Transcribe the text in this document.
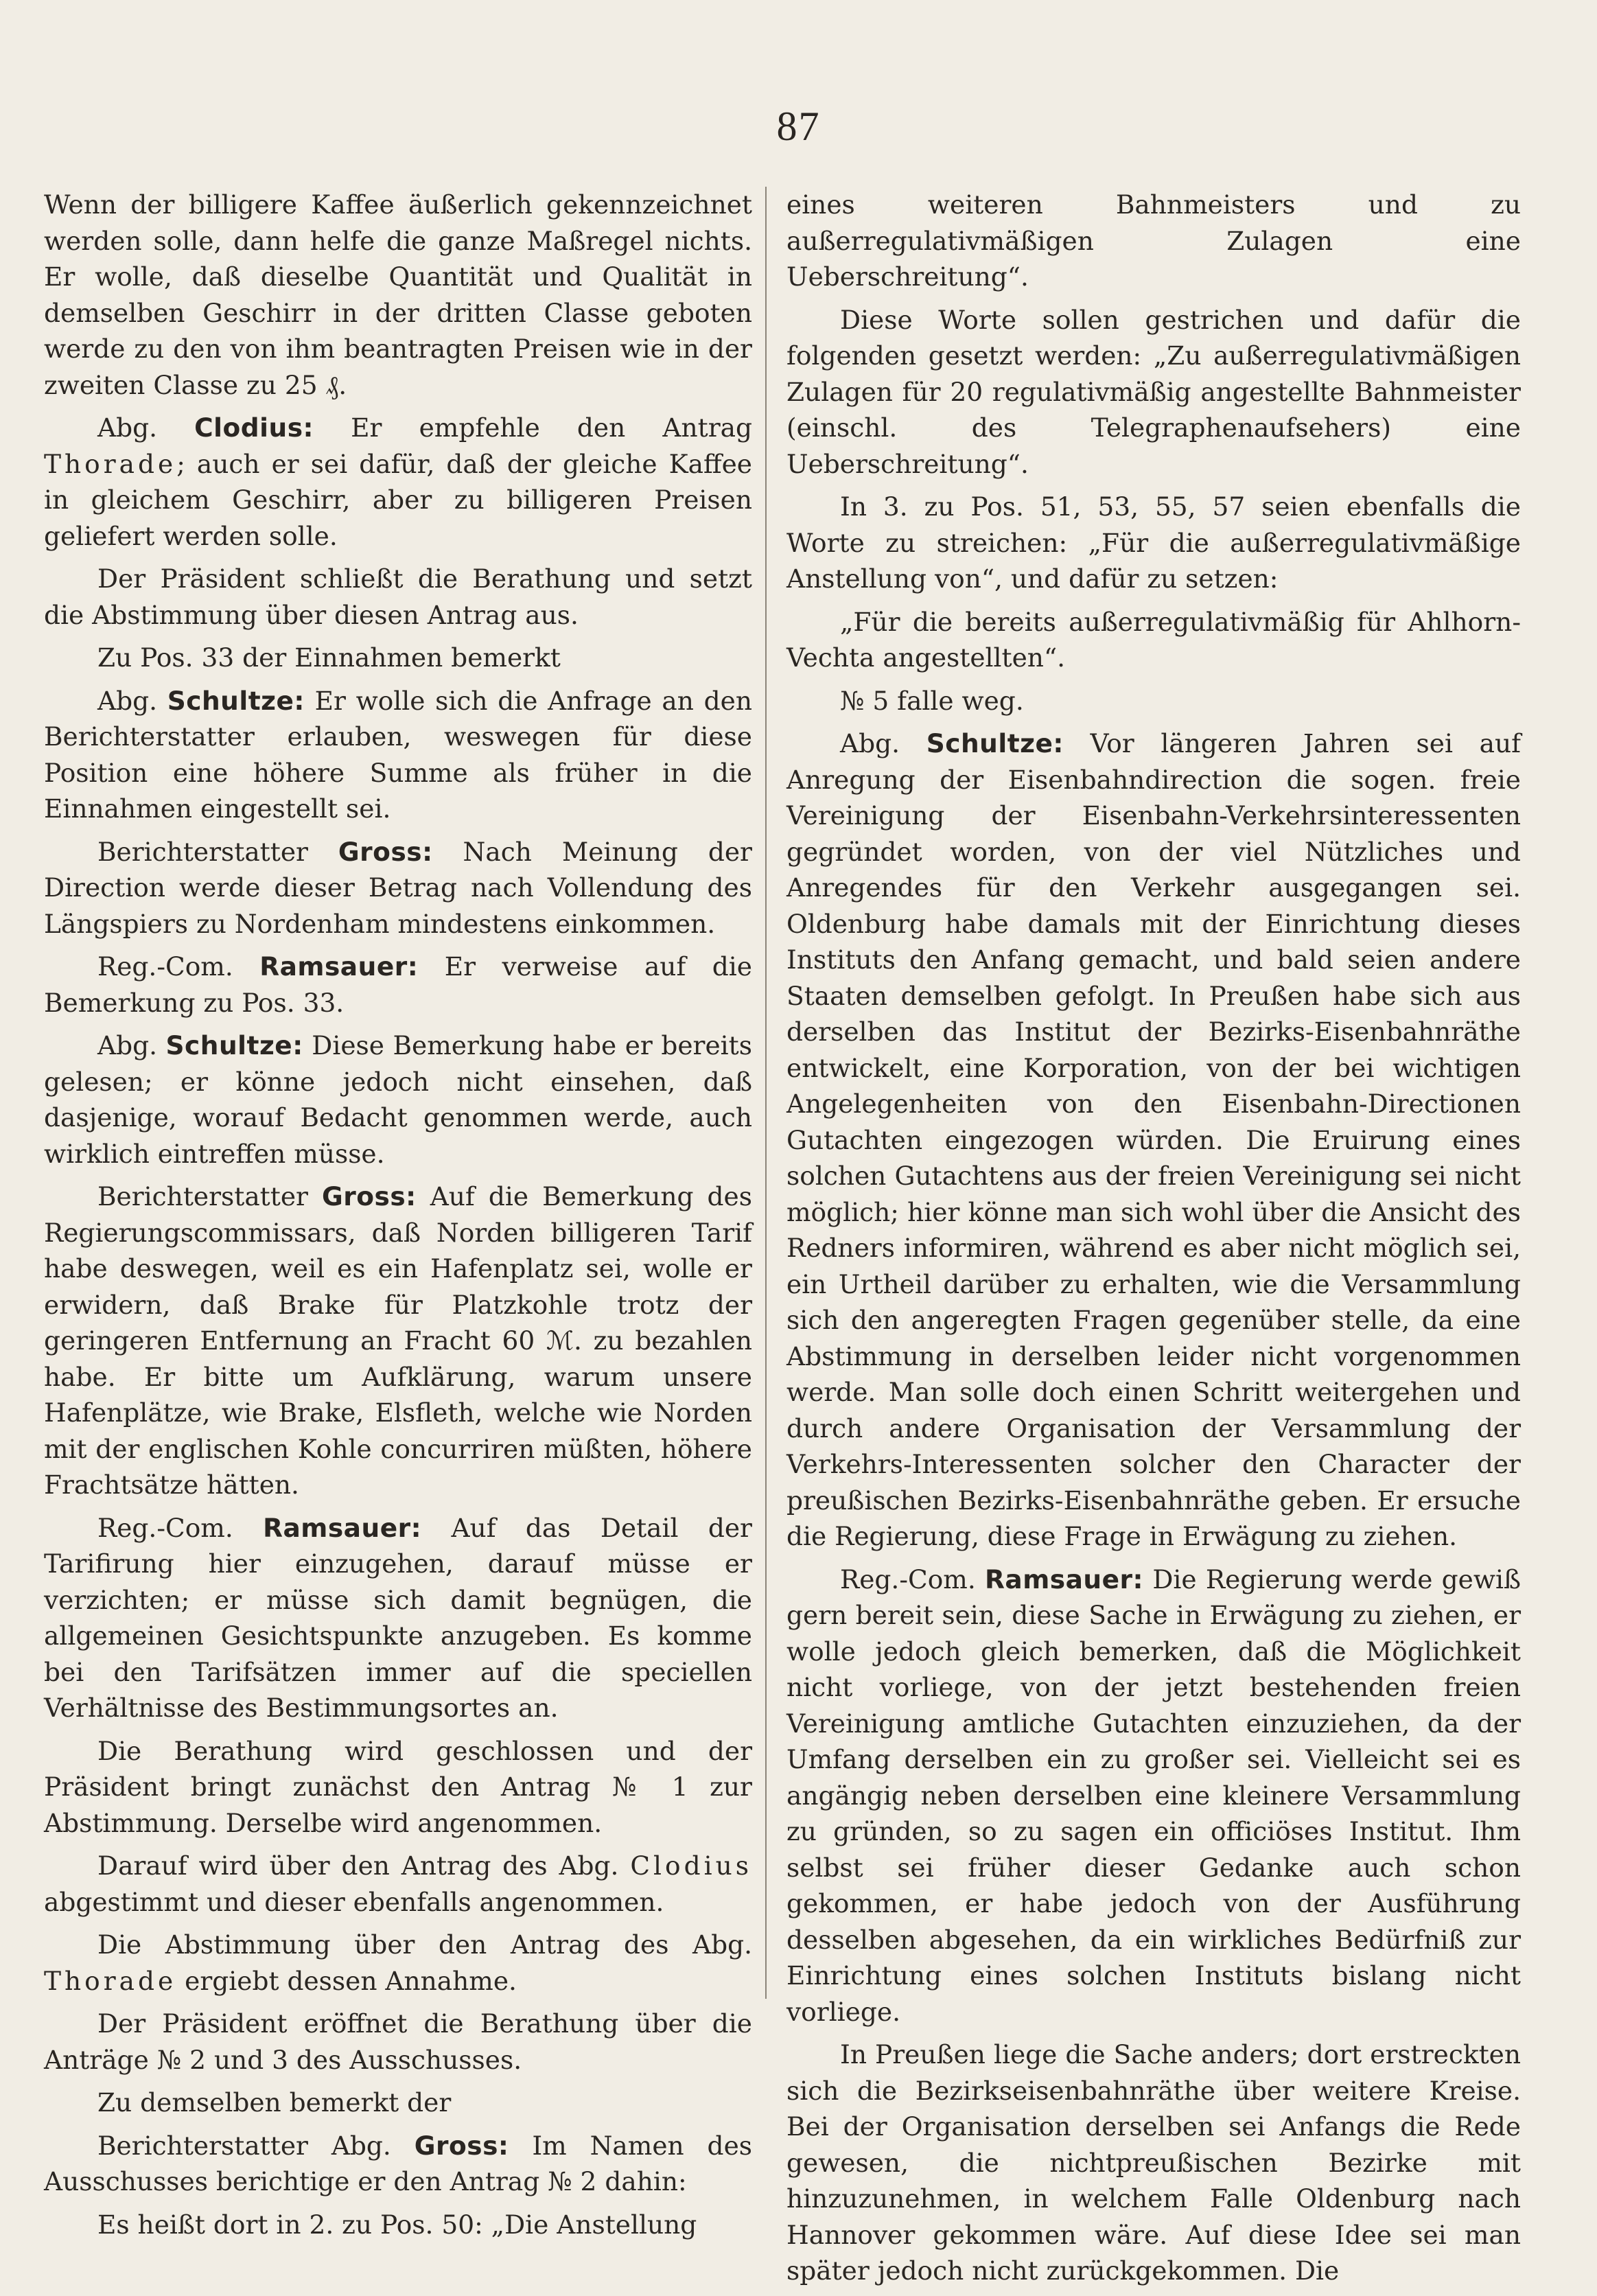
87

Wenn der billigere Kaffee äußerlich gekennzeichnet werden solle, dann helfe die ganze Maßregel nichts. Er wolle, daß dieselbe Quantität und Qualität in demselben Geschirr in der dritten Classe geboten werde zu den von ihm beantragten Preisen wie in der zweiten Classe zu 25 ₰.

Abg. Clodius: Er empfehle den Antrag Thorade; auch er sei dafür, daß der gleiche Kaffee in gleichem Geschirr, aber zu billigeren Preisen geliefert werden solle.

Der Präsident schließt die Berathung und setzt die Abstimmung über diesen Antrag aus.

Zu Pos. 33 der Einnahmen bemerkt

Abg. Schultze: Er wolle sich die Anfrage an den Berichterstatter erlauben, weswegen für diese Position eine höhere Summe als früher in die Einnahmen eingestellt sei.

Berichterstatter Gross: Nach Meinung der Direction werde dieser Betrag nach Vollendung des Längspiers zu Nordenham mindestens einkommen.

Reg.-Com. Ramsauer: Er verweise auf die Bemerkung zu Pos. 33.

Abg. Schultze: Diese Bemerkung habe er bereits gelesen; er könne jedoch nicht einsehen, daß dasjenige, worauf Bedacht genommen werde, auch wirklich eintreffen müsse.

Berichterstatter Gross: Auf die Bemerkung des Regierungscommissars, daß Norden billigeren Tarif habe deswegen, weil es ein Hafenplatz sei, wolle er erwidern, daß Brake für Platzkohle trotz der geringeren Entfernung an Fracht 60 ℳ. zu bezahlen habe. Er bitte um Aufklärung, warum unsere Hafenplätze, wie Brake, Elsfleth, welche wie Norden mit der englischen Kohle concurriren müßten, höhere Frachtsätze hätten.

Reg.-Com. Ramsauer: Auf das Detail der Tarifirung hier einzugehen, darauf müsse er verzichten; er müsse sich damit begnügen, die allgemeinen Gesichtspunkte anzugeben. Es komme bei den Tarifsätzen immer auf die speciellen Verhältnisse des Bestimmungsortes an.

Die Berathung wird geschlossen und der Präsident bringt zunächst den Antrag № 1 zur Abstimmung. Derselbe wird angenommen.

Darauf wird über den Antrag des Abg. Clodius abgestimmt und dieser ebenfalls angenommen.

Die Abstimmung über den Antrag des Abg. Thorade ergiebt dessen Annahme.

Der Präsident eröffnet die Berathung über die Anträge № 2 und 3 des Ausschusses.

Zu demselben bemerkt der

Berichterstatter Abg. Gross: Im Namen des Ausschusses berichtige er den Antrag № 2 dahin:

Es heißt dort in 2. zu Pos. 50: „Die Anstellung

eines weiteren Bahnmeisters und zu außerregulativmäßigen Zulagen eine Ueberschreitung“.

Diese Worte sollen gestrichen und dafür die folgenden gesetzt werden: „Zu außerregulativmäßigen Zulagen für 20 regulativmäßig angestellte Bahnmeister (einschl. des Telegraphenaufsehers) eine Ueberschreitung“.

In 3. zu Pos. 51, 53, 55, 57 seien ebenfalls die Worte zu streichen: „Für die außerregulativmäßige Anstellung von“, und dafür zu setzen:

„Für die bereits außerregulativmäßig für Ahlhorn-Vechta angestellten“.

№ 5 falle weg.

Abg. Schultze: Vor längeren Jahren sei auf Anregung der Eisenbahndirection die sogen. freie Vereinigung der Eisenbahn-Verkehrsinteressenten gegründet worden, von der viel Nützliches und Anregendes für den Verkehr ausgegangen sei. Oldenburg habe damals mit der Einrichtung dieses Instituts den Anfang gemacht, und bald seien andere Staaten demselben gefolgt. In Preußen habe sich aus derselben das Institut der Bezirks-Eisenbahnräthe entwickelt, eine Korporation, von der bei wichtigen Angelegenheiten von den Eisenbahn-Directionen Gutachten eingezogen würden. Die Eruirung eines solchen Gutachtens aus der freien Vereinigung sei nicht möglich; hier könne man sich wohl über die Ansicht des Redners informiren, während es aber nicht möglich sei, ein Urtheil darüber zu erhalten, wie die Versammlung sich den angeregten Fragen gegenüber stelle, da eine Abstimmung in derselben leider nicht vorgenommen werde. Man solle doch einen Schritt weitergehen und durch andere Organisation der Versammlung der Verkehrs-Interessenten solcher den Character der preußischen Bezirks-Eisenbahnräthe geben. Er ersuche die Regierung, diese Frage in Erwägung zu ziehen.

Reg.-Com. Ramsauer: Die Regierung werde gewiß gern bereit sein, diese Sache in Erwägung zu ziehen, er wolle jedoch gleich bemerken, daß die Möglichkeit nicht vorliege, von der jetzt bestehenden freien Vereinigung amtliche Gutachten einzuziehen, da der Umfang derselben ein zu großer sei. Vielleicht sei es angängig neben derselben eine kleinere Versammlung zu gründen, so zu sagen ein officiöses Institut. Ihm selbst sei früher dieser Gedanke auch schon gekommen, er habe jedoch von der Ausführung desselben abgesehen, da ein wirkliches Bedürfniß zur Einrichtung eines solchen Instituts bislang nicht vorliege.

In Preußen liege die Sache anders; dort erstreckten sich die Bezirkseisenbahnräthe über weitere Kreise. Bei der Organisation derselben sei Anfangs die Rede gewesen, die nichtpreußischen Bezirke mit hinzuzunehmen, in welchem Falle Oldenburg nach Hannover gekommen wäre. Auf diese Idee sei man später jedoch nicht zurückgekommen. Die
